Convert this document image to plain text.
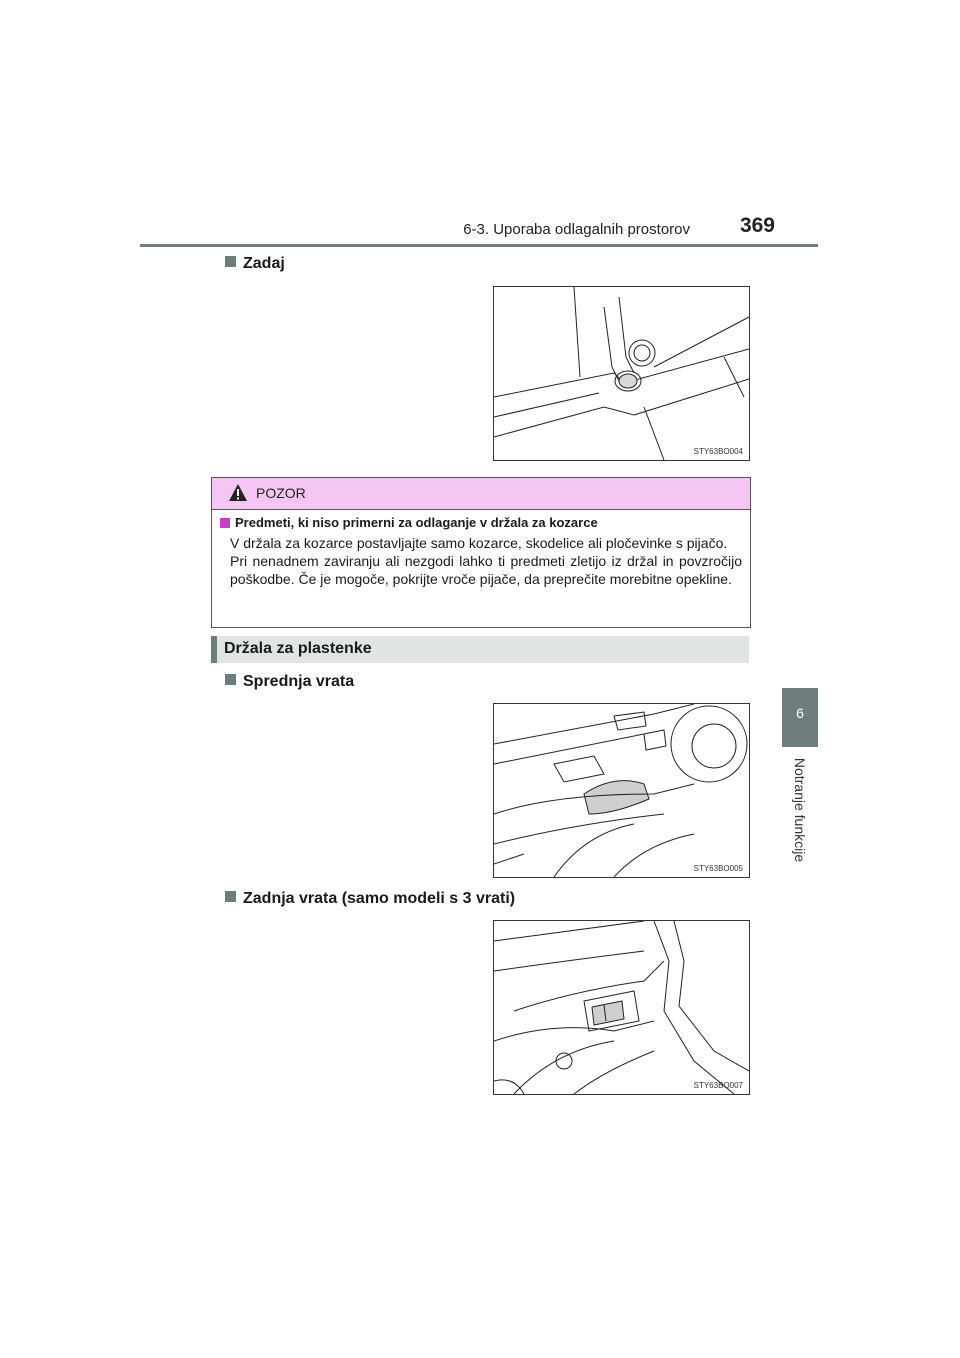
6-3. Uporaba odlagalnih prostorov	369
6
Notranje funkcije
Zadaj
STY63BO004
POZOR
Predmeti, ki niso primerni za odlaganje v držala za kozarce

V držala za kozarce postavljajte samo kozarce, skodelice ali pločevinke s pijačo.

Pri nenadnem zaviranju ali nezgodi lahko ti predmeti zletijo iz držal in povzročijo poškodbe. Če je mogoče, pokrijte vroče pijače, da preprečite morebitne opekline.

Držala za plastenke
Sprednja vrata
STY63BO005
Zadnja vrata (samo modeli s 3 vrati)
STY63BO007
